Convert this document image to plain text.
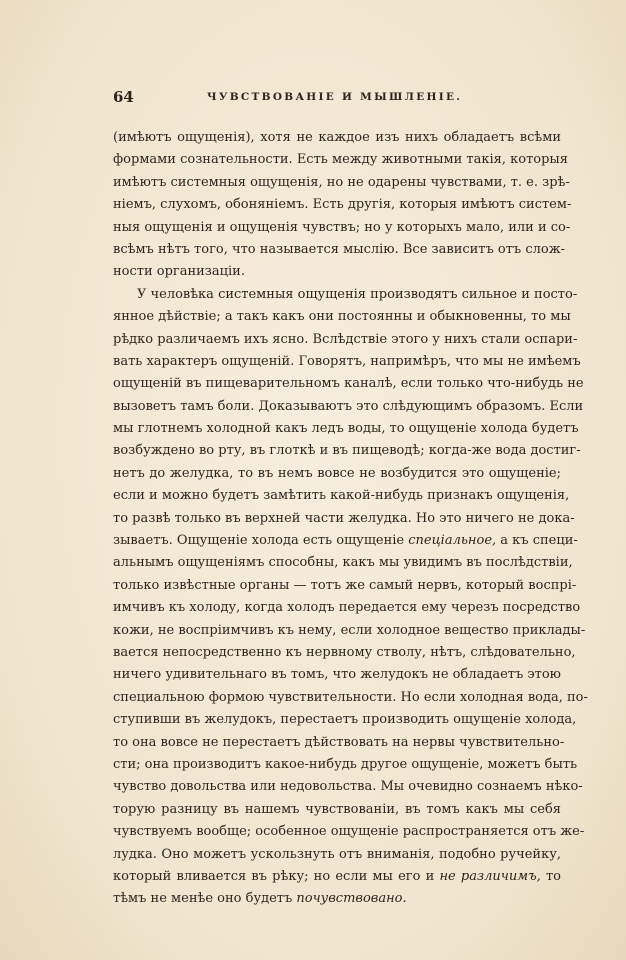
64	ЧУВСТВОВАНІЕ И МЫШЛЕНІЕ.
(имѣютъ ощущенія), хотя не каждое изъ нихъ обладаетъ всѣми
формами сознательности. Есть между животными такія, которыя
имѣютъ системныя ощущенія, но не одарены чувствами, т. е. зрѣ-
ніемъ, слухомъ, обоняніемъ. Есть другія, которыя имѣютъ систем-
ныя ощущенія и ощущенія чувствъ; но у которыхъ мало, или и со-
всѣмъ нѣтъ того, что называется мыслію. Все зависитъ отъ слож-
ности организаціи.
У человѣка системныя ощущенія производятъ сильное и посто-
янное дѣйствіе; а такъ какъ они постоянны и обыкновенны, то мы
рѣдко различаемъ ихъ ясно. Вслѣдствіе этого у нихъ стали оспари-
вать характеръ ощущеній. Говорятъ, напримѣръ, что мы не имѣемъ
ощущеній въ пищеварительномъ каналѣ, если только что-нибудь не
вызоветъ тамъ боли. Доказываютъ это слѣдующимъ образомъ. Если
мы глотнемъ холодной какъ ледъ воды, то ощущеніе холода будетъ
возбуждено во рту, въ глоткѣ и въ пищеводѣ; когда-же вода достиг-
нетъ до желудка, то въ немъ вовсе не возбудится это ощущеніе;
если и можно будетъ замѣтить какой-нибудь признакъ ощущенія,
то развѣ только въ верхней части желудка. Но это ничего не дока-
зываетъ. Ощущеніе холода есть ощущеніе спеціальное, а къ специ-
альнымъ ощущеніямъ способны, какъ мы увидимъ въ послѣдствіи,
только извѣстные органы — тотъ же самый нервъ, который воспрі-
имчивъ къ холоду, когда холодъ передается ему черезъ посредство
кожи, не воспріимчивъ къ нему, если холодное вещество приклады-
вается непосредственно къ нервному стволу, нѣтъ, слѣдовательно,
ничего удивительнаго въ томъ, что желудокъ не обладаетъ этою
специальною формою чувствительности. Но если холодная вода, по-
ступивши въ желудокъ, перестаетъ производить ощущеніе холода,
то она вовсе не перестаетъ дѣйствовать на нервы чувствительно-
сти; она производитъ какое-нибудь другое ощущеніе, можетъ быть
чувство довольства или недовольства. Мы очевидно сознаемъ нѣко-
торую разницу въ нашемъ чувствованіи, въ томъ какъ мы себя
чувствуемъ вообще; особенное ощущеніе распространяется отъ же-
лудка. Оно можетъ ускользнуть отъ вниманія, подобно ручейку,
который вливается въ рѣку; но если мы его и не различимъ, то
тѣмъ не менѣе оно будетъ почувствовано.
